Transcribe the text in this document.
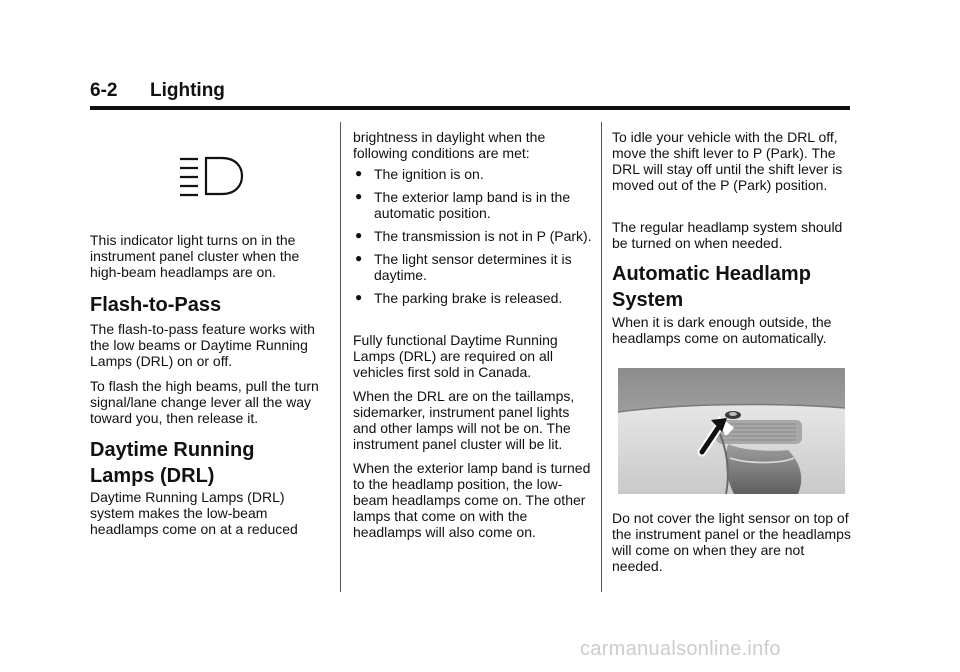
6-2 Lighting

This indicator light turns on in the instrument panel cluster when the high-beam headlamps are on.

Flash-to-Pass

The flash-to-pass feature works with the low beams or Daytime Running Lamps (DRL) on or off.

To flash the high beams, pull the turn signal/lane change lever all the way toward you, then release it.

Daytime Running
Lamps (DRL)

Daytime Running Lamps (DRL) system makes the low-beam headlamps come on at a reduced

brightness in daylight when the following conditions are met:

● The ignition is on.
● The exterior lamp band is in the automatic position.
● The transmission is not in P (Park).
● The light sensor determines it is daytime.
● The parking brake is released.

Fully functional Daytime Running Lamps (DRL) are required on all vehicles first sold in Canada.

When the DRL are on the taillamps, sidemarker, instrument panel lights and other lamps will not be on. The instrument panel cluster will be lit.

When the exterior lamp band is turned to the headlamp position, the low-beam headlamps come on. The other lamps that come on with the headlamps will also come on.

To idle your vehicle with the DRL off, move the shift lever to P (Park). The DRL will stay off until the shift lever is moved out of the P (Park) position.

The regular headlamp system should be turned on when needed.

Automatic Headlamp
System

When it is dark enough outside, the headlamps come on automatically.

Do not cover the light sensor on top of the instrument panel or the headlamps will come on when they are not needed.

carmanualsonline.info
